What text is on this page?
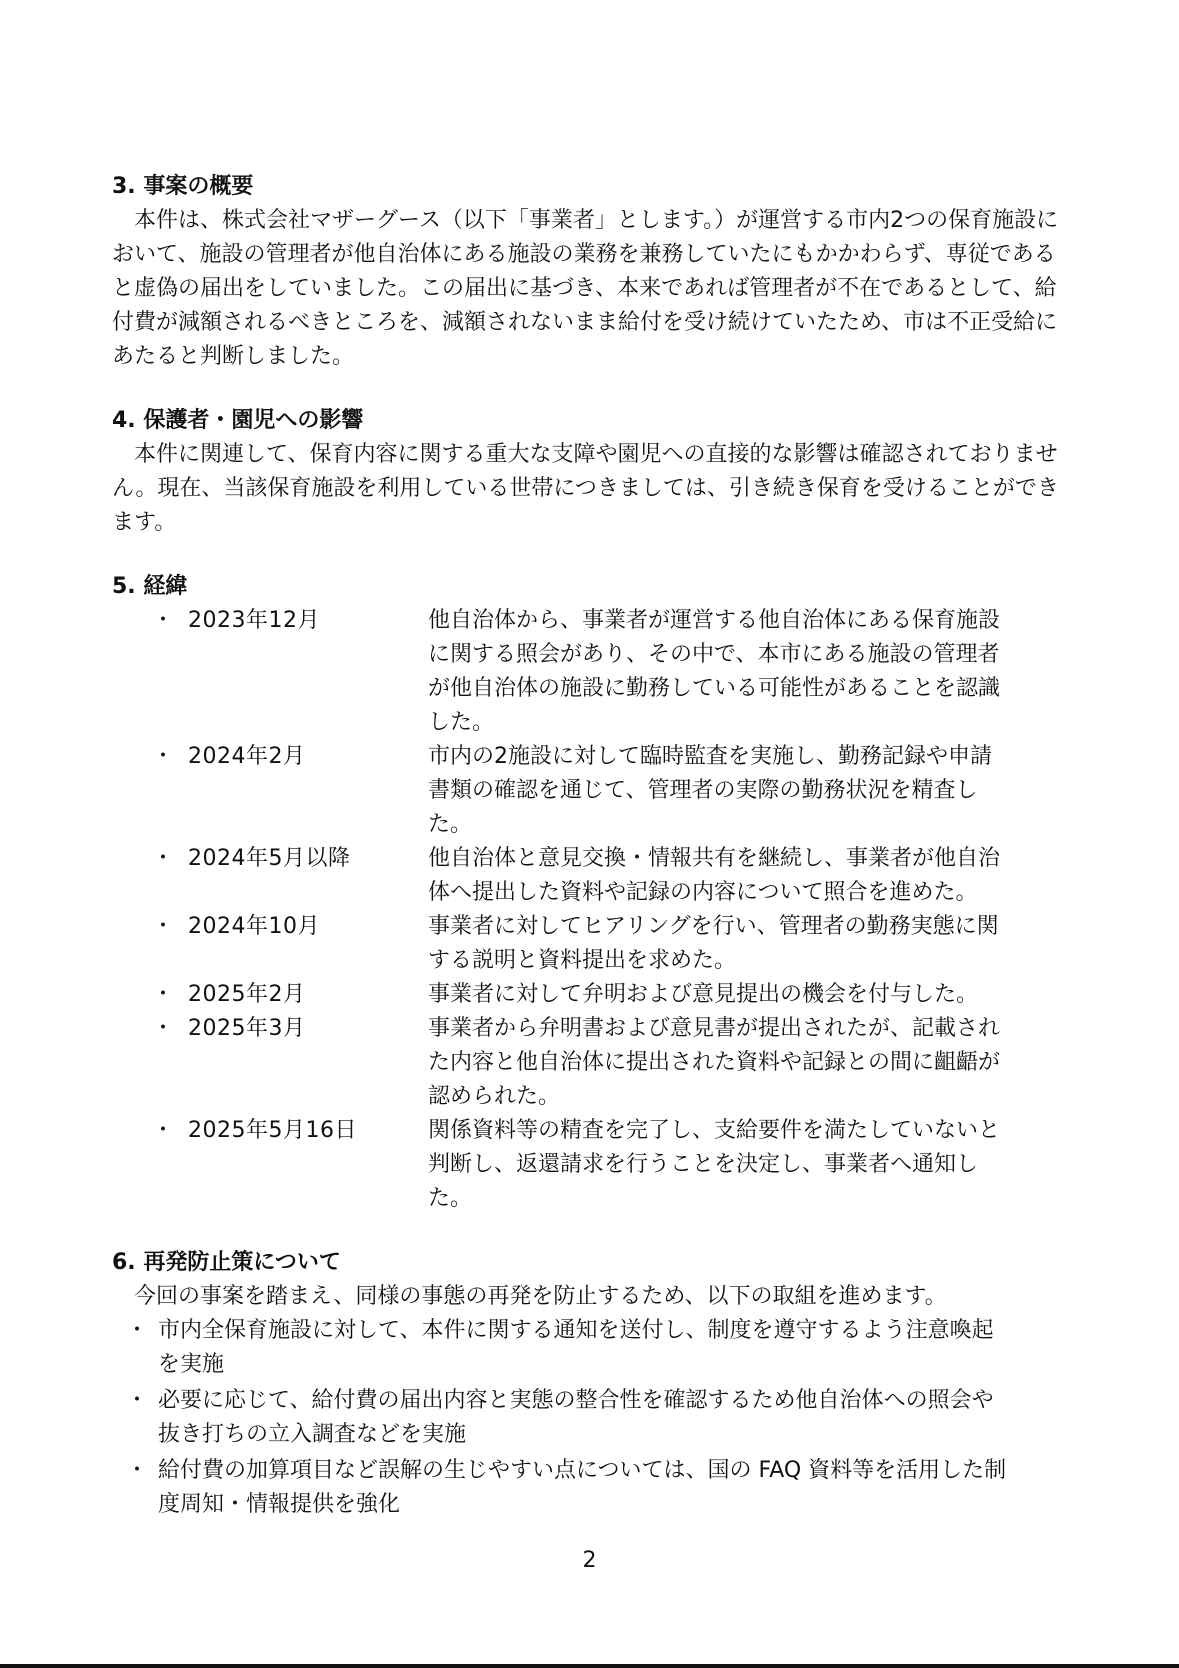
3. 事案の概要

本件は、株式会社マザーグース（以下「事業者」とします。）が運営する市内2つの保育施設において、施設の管理者が他自治体にある施設の業務を兼務していたにもかかわらず、専従であると虚偽の届出をしていました。この届出に基づき、本来であれば管理者が不在であるとして、給付費が減額されるべきところを、減額されないまま給付を受け続けていたため、市は不正受給にあたると判断しました。

4. 保護者・園児への影響

本件に関連して、保育内容に関する重大な支障や園児への直接的な影響は確認されておりません。現在、当該保育施設を利用している世帯につきましては、引き続き保育を受けることができます。

5. 経緯

・ 2023年12月	他自治体から、事業者が運営する他自治体にある保育施設に関する照会があり、その中で、本市にある施設の管理者が他自治体の施設に勤務している可能性があることを認識した。
・ 2024年2月	市内の2施設に対して臨時監査を実施し、勤務記録や申請書類の確認を通じて、管理者の実際の勤務状況を精査した。
・ 2024年5月以降	他自治体と意見交換・情報共有を継続し、事業者が他自治体へ提出した資料や記録の内容について照合を進めた。
・ 2024年10月	事業者に対してヒアリングを行い、管理者の勤務実態に関する説明と資料提出を求めた。
・ 2025年2月	事業者に対して弁明および意見提出の機会を付与した。
・ 2025年3月	事業者から弁明書および意見書が提出されたが、記載された内容と他自治体に提出された資料や記録との間に齟齬が認められた。
・ 2025年5月16日	関係資料等の精査を完了し、支給要件を満たしていないと判断し、返還請求を行うことを決定し、事業者へ通知した。

6. 再発防止策について

今回の事案を踏まえ、同様の事態の再発を防止するため、以下の取組を進めます。

・ 市内全保育施設に対して、本件に関する通知を送付し、制度を遵守するよう注意喚起を実施
・ 必要に応じて、給付費の届出内容と実態の整合性を確認するため他自治体への照会や抜き打ちの立入調査などを実施
・ 給付費の加算項目など誤解の生じやすい点については、国の FAQ 資料等を活用した制度周知・情報提供を強化
2
